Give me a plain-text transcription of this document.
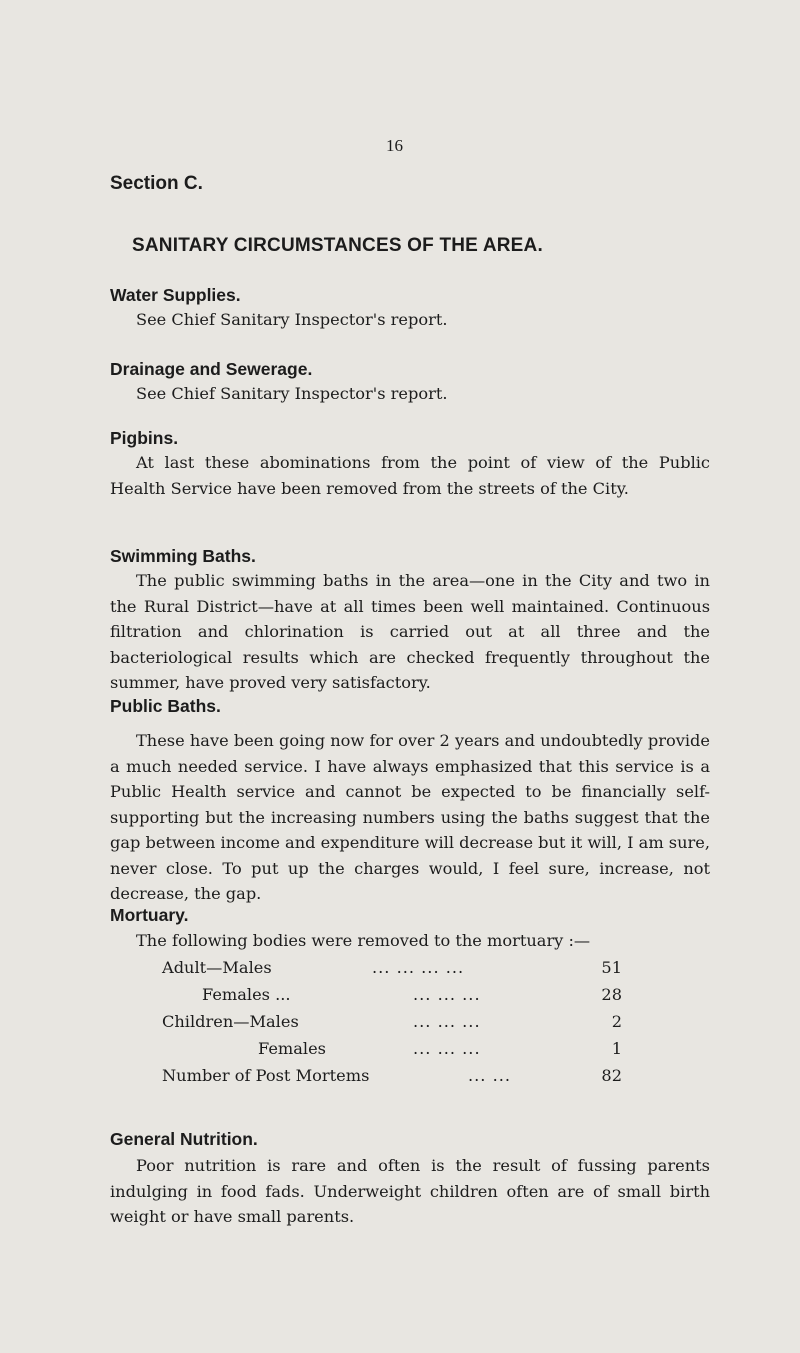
16
Section C.
SANITARY CIRCUMSTANCES OF THE AREA.
Water Supplies.

See Chief Sanitary Inspector's report.

Drainage and Sewerage.

See Chief Sanitary Inspector's report.

Pigbins.

At last these abominations from the point of view of the Public Health Service have been removed from the streets of the City.

Swimming Baths.

The public swimming baths in the area—one in the City and two in the Rural District—have at all times been well maintained. Continuous filtration and chlorination is carried out at all three and the bacteriological results which are checked frequently throughout the summer, have proved very satisfactory.

Public Baths.

These have been going now for over 2 years and undoubtedly provide a much needed service. I have always emphasized that this service is a Public Health service and cannot be expected to be financially self-supporting but the increasing numbers using the baths suggest that the gap between income and expenditure will decrease but it will, I am sure, never close. To put up the charges would, I feel sure, increase, not decrease, the gap.

Mortuary.
The following bodies were removed to the mortuary :—
Adult—Males	... ... ... ...	51
Females ...	... ... ...	28
Children—Males	... ... ...	2
Females	... ... ...	1
Number of Post Mortems	... ...	82
General Nutrition.

Poor nutrition is rare and often is the result of fussing parents indulging in food fads. Underweight children often are of small birth weight or have small parents.
